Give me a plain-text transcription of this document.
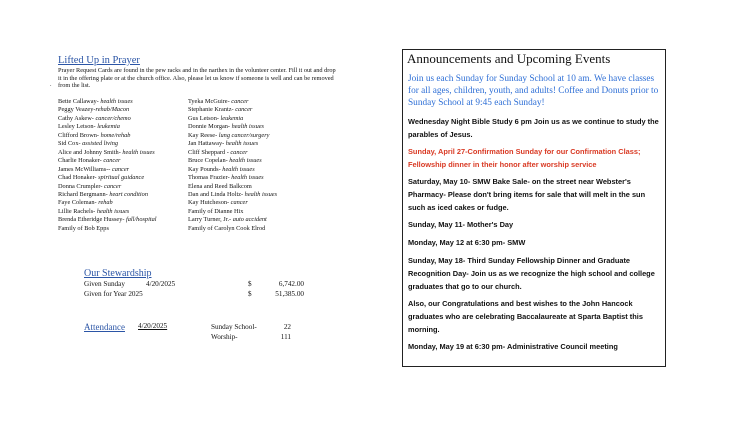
Lifted Up in Prayer
Prayer Request Cards are found in the pew racks and in the narthex in the volunteer center. Fill it out and drop it in the offering plate or at the church office. Also, please let us know if someone is well and can be removed from the list.
.
Bette Callaway- health issues
Peggy Veazey-rehab/Macon
Cathy Askew- cancer/chemo
Lesley Letson- leukemia
Clifford Brown- home/rehab
Sid Cox- assisted living
Alice and Johnny Smith- health issues
Charlie Honaker- cancer
James McWilliams-- cancer
Chad Honaker- spiritual guidance
Donna Crumpler- cancer
Richard Bergmann- heart condition
Faye Coleman- rehab
Lillie Rachels- health issues
Brenda Etheridge Hussey- fall/hospital
Family of Bob Epps
Tyeka McGuire- cancer
Stephanie Krantz- cancer
Gus Letson- leukemia
Donnie Morgan- health issues
Kay Reese- lung cancer/surgery
Jan Hattaway- health issues
Cliff Sheppard - cancer
Bruce Copelan- health issues
Kay Pounds- health issues
Thomas Frazier- health issues
Elena and Reed Balkcom
Dan and Linda Holtz- health issues
Kay Hutcheson- cancer
Family of Dianne Hix
Larry Turner, Jr.- auto accident
Family of Carolyn Cook Elrod
Our Stewardship
Given Sunday	4/20/2025	$	6,742.00
Given for Year 2025	$	51,385.00
Attendance 4/20/2025	Sunday School-	22
Worship-	111
Announcements and Upcoming Events
Join us each Sunday for Sunday School at 10 am. We have classes for all ages, children, youth, and adults! Coffee and Donuts prior to Sunday School at 9:45 each Sunday!
Wednesday Night Bible Study 6 pm Join us as we continue to study the parables of Jesus.
Sunday, April 27-Confirmation Sunday for our Confirmation Class; Fellowship dinner in their honor after worship service
Saturday, May 10- SMW Bake Sale- on the street near Webster's Pharmacy- Please don't bring items for sale that will melt in the sun such as iced cakes or fudge.
Sunday, May 11- Mother's Day
Monday, May 12 at 6:30 pm- SMW
Sunday, May 18- Third Sunday Fellowship Dinner and Graduate Recognition Day- Join us as we recognize the high school and college graduates that go to our church.
Also, our Congratulations and best wishes to the John Hancock graduates who are celebrating Baccalaureate at Sparta Baptist this morning.
Monday, May 19 at 6:30 pm- Administrative Council meeting
